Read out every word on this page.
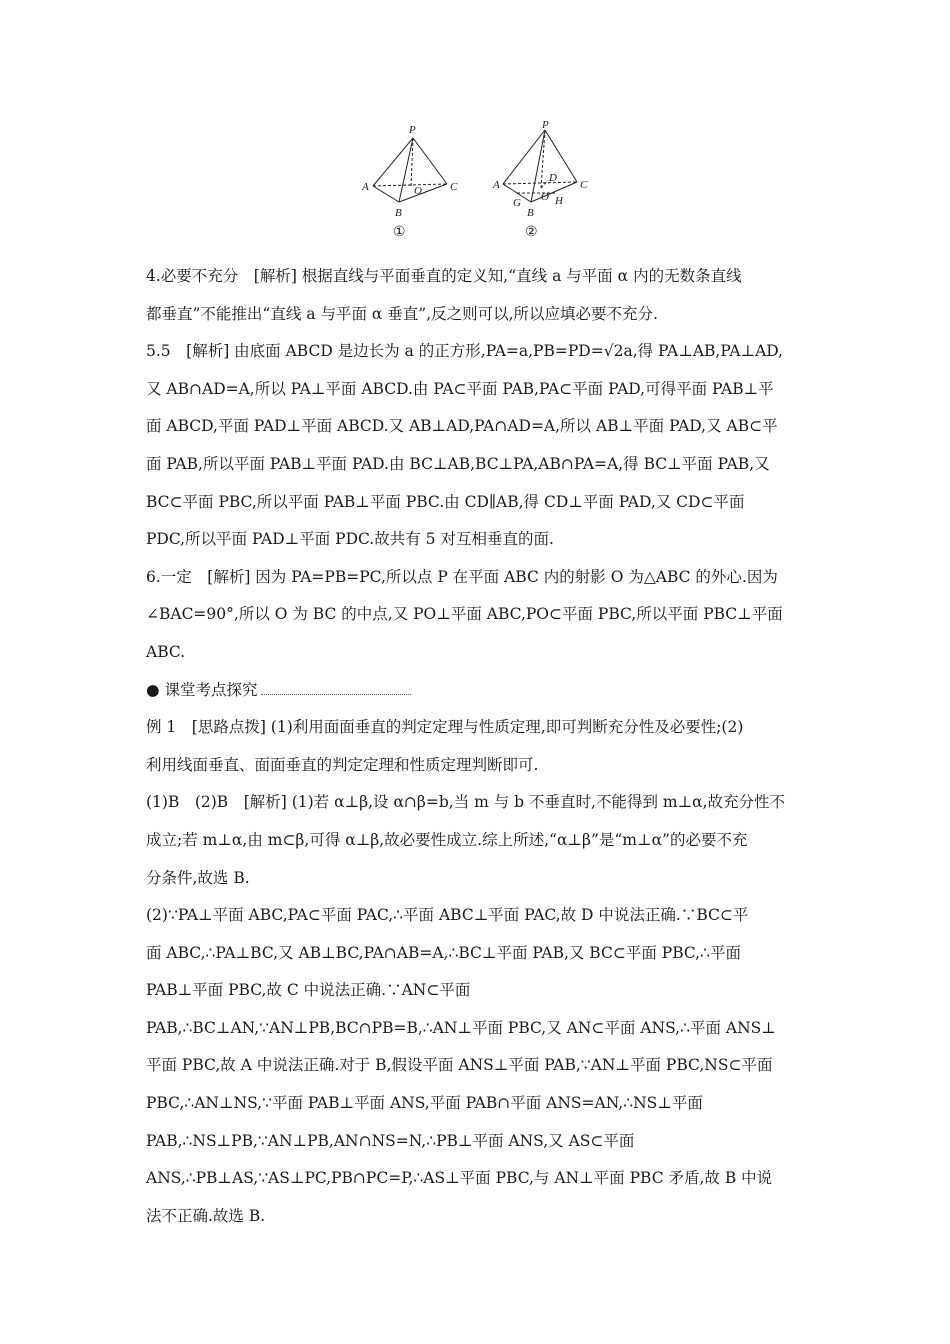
P
A	O	C
B
①
P
A
D
O
C
G
B
H
②

4.必要不充分　[解析] 根据直线与平面垂直的定义知,“直线 a 与平面 α 内的无数条直线

都垂直”不能推出“直线 a 与平面 α 垂直”,反之则可以,所以应填必要不充分.

5.5　[解析] 由底面 ABCD 是边长为 a 的正方形,PA=a,PB=PD=√2a,得 PA⊥AB,PA⊥AD,

又 AB∩AD=A,所以 PA⊥平面 ABCD.由 PA⊂平面 PAB,PA⊂平面 PAD,可得平面 PAB⊥平

面 ABCD,平面 PAD⊥平面 ABCD.又 AB⊥AD,PA∩AD=A,所以 AB⊥平面 PAD,又 AB⊂平

面 PAB,所以平面 PAB⊥平面 PAD.由 BC⊥AB,BC⊥PA,AB∩PA=A,得 BC⊥平面 PAB,又

BC⊂平面 PBC,所以平面 PAB⊥平面 PBC.由 CD∥AB,得 CD⊥平面 PAD,又 CD⊂平面

PDC,所以平面 PAD⊥平面 PDC.故共有 5 对互相垂直的面.

6.一定　[解析] 因为 PA=PB=PC,所以点 P 在平面 ABC 内的射影 O 为△ABC 的外心.因为

∠BAC=90°,所以 O 为 BC 的中点,又 PO⊥平面 ABC,PO⊂平面 PBC,所以平面 PBC⊥平面

ABC.

● 课堂考点探究

例 1　[思路点拨] (1)利用面面垂直的判定定理与性质定理,即可判断充分性及必要性;(2)

利用线面垂直、面面垂直的判定定理和性质定理判断即可.

(1)B　(2)B　[解析] (1)若 α⊥β,设 α∩β=b,当 m 与 b 不垂直时,不能得到 m⊥α,故充分性不

成立;若 m⊥α,由 m⊂β,可得 α⊥β,故必要性成立.综上所述,“α⊥β”是“m⊥α”的必要不充

分条件,故选 B.

(2)∵PA⊥平面 ABC,PA⊂平面 PAC,∴平面 ABC⊥平面 PAC,故 D 中说法正确.∵BC⊂平

面 ABC,∴PA⊥BC,又 AB⊥BC,PA∩AB=A,∴BC⊥平面 PAB,又 BC⊂平面 PBC,∴平面

PAB⊥平面 PBC,故 C 中说法正确.∵AN⊂平面

PAB,∴BC⊥AN,∵AN⊥PB,BC∩PB=B,∴AN⊥平面 PBC,又 AN⊂平面 ANS,∴平面 ANS⊥

平面 PBC,故 A 中说法正确.对于 B,假设平面 ANS⊥平面 PAB,∵AN⊥平面 PBC,NS⊂平面

PBC,∴AN⊥NS,∵平面 PAB⊥平面 ANS,平面 PAB∩平面 ANS=AN,∴NS⊥平面

PAB,∴NS⊥PB,∵AN⊥PB,AN∩NS=N,∴PB⊥平面 ANS,又 AS⊂平面

ANS,∴PB⊥AS,∵AS⊥PC,PB∩PC=P,∴AS⊥平面 PBC,与 AN⊥平面 PBC 矛盾,故 B 中说

法不正确.故选 B.
